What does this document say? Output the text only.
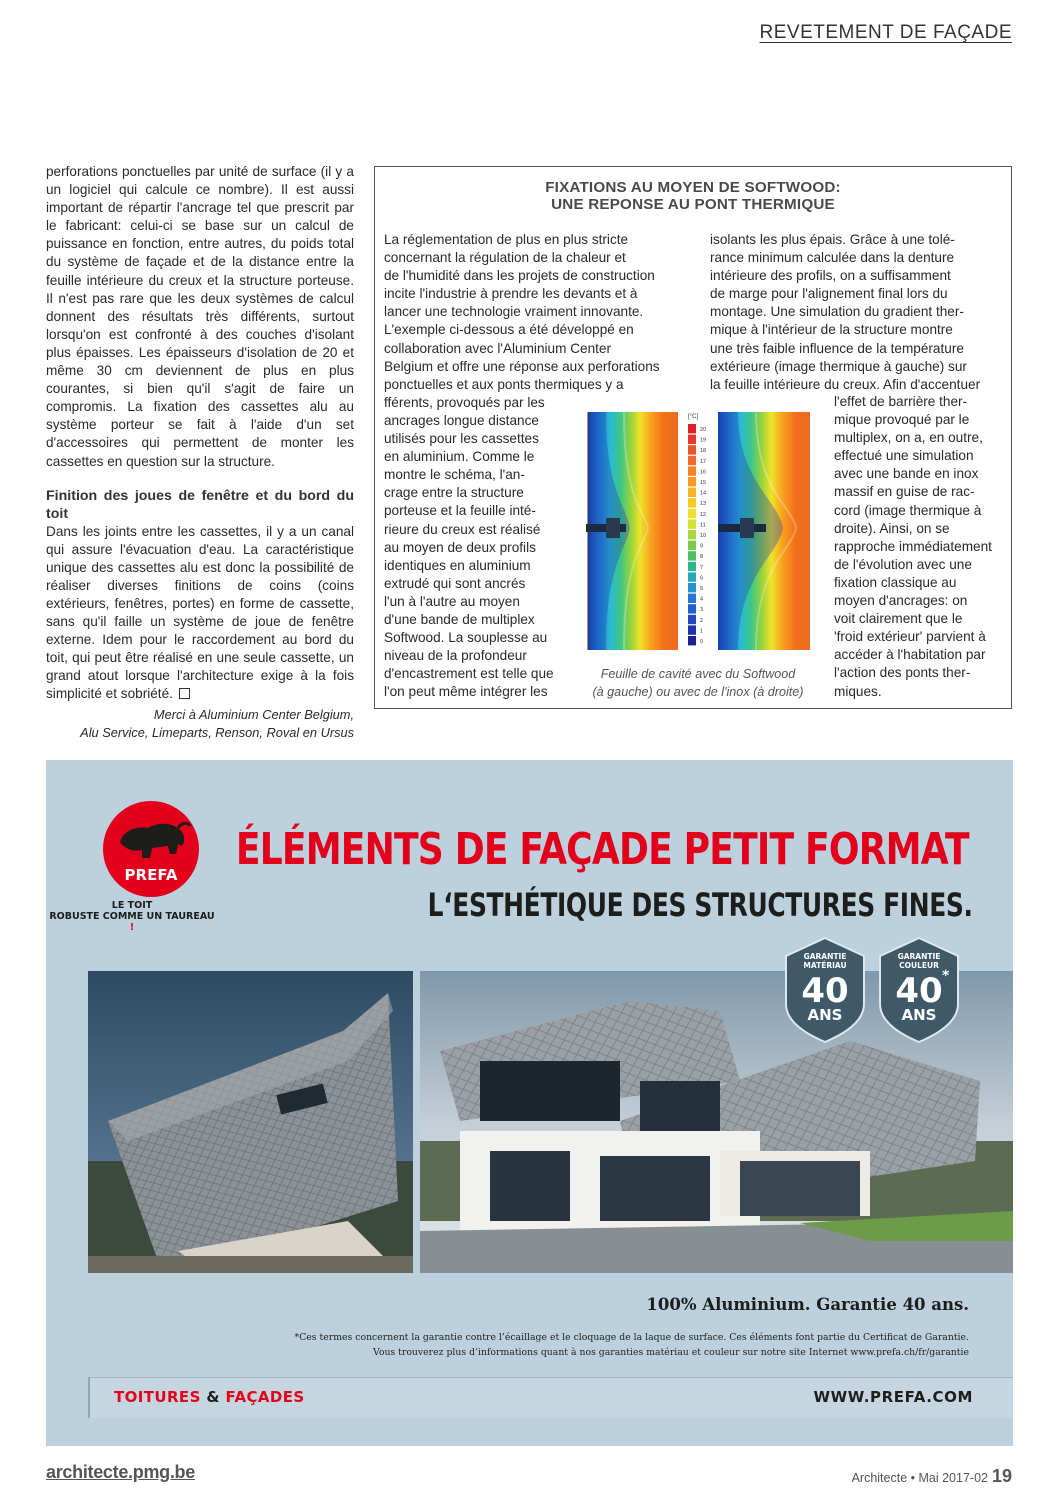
REVETEMENT DE FAÇADE

perforations ponctuelles par unité de surface (il y a un logiciel qui calcule ce nombre). Il est aussi important de répartir l'ancrage tel que prescrit par le fabricant: celui-ci se base sur un calcul de puissance en fonction, entre autres, du poids total du système de façade et de la distance entre la feuille intérieure du creux et la structure porteuse. Il n'est pas rare que les deux systèmes de calcul donnent des résultats très différents, surtout lorsqu'on est confronté à des couches d'isolant plus épaisses. Les épaisseurs d'isolation de 20 et même 30 cm deviennent de plus en plus courantes, si bien qu'il s'agit de faire un compromis. La fixation des cassettes alu au système porteur se fait à l'aide d'un set d'accessoires qui permettent de monter les cassettes en question sur la structure.

Finition des joues de fenêtre et du bord du toit

Dans les joints entre les cassettes, il y a un canal qui assure l'évacuation d'eau. La caractéristique unique des cassettes alu est donc la possibilité de réaliser diverses finitions de coins (coins extérieurs, fenêtres, portes) en forme de cassette, sans qu'il faille un système de joue de fenêtre externe. Idem pour le raccordement au bord du toit, qui peut être réalisé en une seule cassette, un grand atout lorsque l'architecture exige à la fois simplicité et sobriété.

Merci à Aluminium Center Belgium,
Alu Service, Limeparts, Renson, Roval en Ursus
FIXATIONS AU MOYEN DE SOFTWOOD:
UNE REPONSE AU PONT THERMIQUE
La réglementation de plus en plus stricte
concernant la régulation de la chaleur et
de l'humidité dans les projets de construction
incite l'industrie à prendre les devants et à
lancer une technologie vraiment innovante.
L'exemple ci-dessous a été développé en
collaboration avec l'Aluminium Center
Belgium et offre une réponse aux perforations
ponctuelles et aux ponts thermiques y a
fférents, provoqués par les
ancrages longue distance
utilisés pour les cassettes
en aluminium. Comme le
montre le schéma, l'an-
crage entre la structure
porteuse et la feuille inté-
rieure du creux est réalisé
au moyen de deux profils
identiques en aluminium
extrudé qui sont ancrés
l'un à l'autre au moyen
d'une bande de multiplex
Softwood. La souplesse au
niveau de la profondeur
d'encastrement est telle que
l'on peut même intégrer les
isolants les plus épais. Grâce à une tolé-
rance minimum calculée dans la denture
intérieure des profils, on a suffisamment
de marge pour l'alignement final lors du
montage. Une simulation du gradient ther-
mique à l'intérieur de la structure montre
une très faible influence de la température
extérieure (image thermique à gauche) sur
la feuille intérieure du creux. Afin d'accentuer
l'effet de barrière ther-
mique provoqué par le
multiplex, on a, en outre,
effectué une simulation
avec une bande en inox
massif en guise de rac-
cord (image thermique à
droite). Ainsi, on se
rapproche immédiatement
de l'évolution avec une
fixation classique au
moyen d'ancrages: on
voit clairement que le
'froid extérieur' parvient à
accéder à l'habitation par
l'action des ponts ther-
miques.
[°C]
20
19
18
17
16
15
14
13
12
11
10
9
8
7
6
5
4
3
2
1
0
Feuille de cavité avec du Softwood
(à gauche) ou avec de l'inox (à droite)
PREFA
LE TOIT
ROBUSTE COMME UN TAUREAU !
ÉLÉMENTS DE FAÇADE PETIT FORMAT
L‘ESTHÉTIQUE DES STRUCTURES FINES.
GARANTIE
MATÉRIAU
40
ANS
GARANTIE
COULEUR
40 *
ANS
100% Aluminium. Garantie 40 ans.
*Ces termes concernent la garantie contre l’écaillage et le cloquage de la laque de surface. Ces éléments font partie du Certificat de Garantie.
Vous trouverez plus d’informations quant à nos garanties matériau et couleur sur notre site Internet www.prefa.ch/fr/garantie
TOITURES & FAÇADES	WWW.PREFA.COM
architecte.pmg.be	Architecte • Mai 2017-02 19
